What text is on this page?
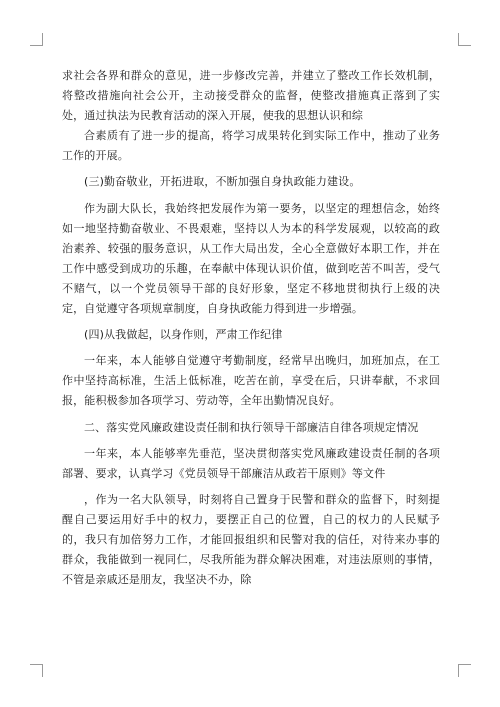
求社会各界和群众的意见，进一步修改完善，并建立了整改工作长效机制，将整改措施向社会公开，主动接受群众的监督，使整改措施真正落到了实处，通过执法为民教育活动的深入开展，使我的思想认识和综

合素质有了进一步的提高，将学习成果转化到实际工作中，推动了业务工作的开展。

(三)勤奋敬业，开拓进取，不断加强自身执政能力建设。

作为副大队长，我始终把发展作为第一要务，以坚定的理想信念，始终如一地坚持勤奋敬业、不畏艰难，坚持以人为本的科学发展观，以较高的政治素养、较强的服务意识，从工作大局出发，全心全意做好本职工作，并在工作中感受到成功的乐趣，在奉献中体现认识价值，做到吃苦不叫苦，受气不赌气，以一个党员领导干部的良好形象，坚定不移地贯彻执行上级的决定，自觉遵守各项规章制度，自身执政能力得到进一步增强。

(四)从我做起，以身作则，严肃工作纪律

一年来，本人能够自觉遵守考勤制度，经常早出晚归，加班加点，在工作中坚持高标准，生活上低标准，吃苦在前，享受在后，只讲奉献，不求回报，能积极参加各项学习、劳动等，全年出勤情况良好。

二、落实党风廉政建设责任制和执行领导干部廉洁自律各项规定情况

一年来，本人能够率先垂范，坚决贯彻落实党风廉政建设责任制的各项部署、要求，认真学习《党员领导干部廉洁从政若干原则》等文件

，作为一名大队领导，时刻将自己置身于民警和群众的监督下，时刻提醒自己要运用好手中的权力，要摆正自己的位置，自己的权力的人民赋予的，我只有加倍努力工作，才能回报组织和民警对我的信任，对待来办事的群众，我能做到一视同仁，尽我所能为群众解决困难，对违法原则的事情，不管是亲戚还是朋友，我坚决不办，除
